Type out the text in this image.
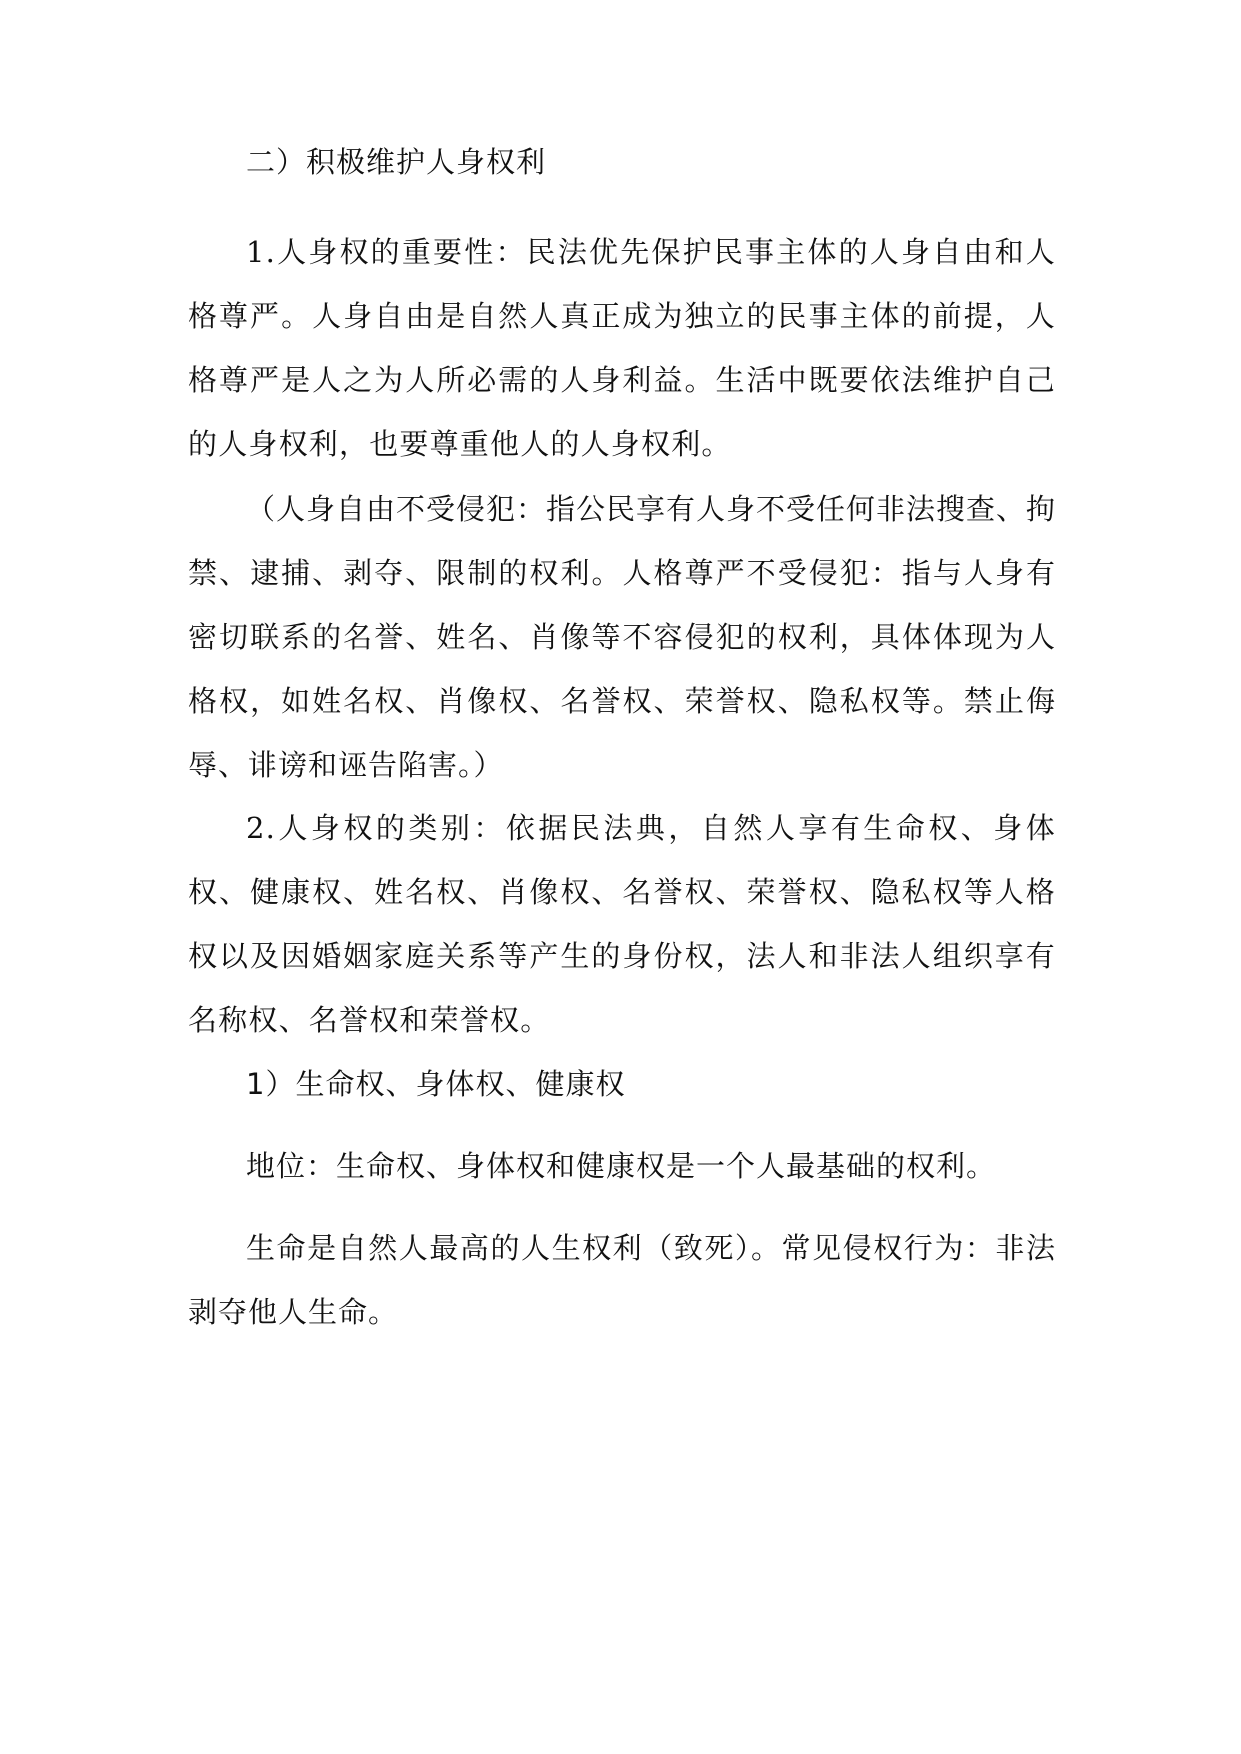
二）积极维护人身权利

1.人身权的重要性：民法优先保护民事主体的人身自由和人格尊严。人身自由是自然人真正成为独立的民事主体的前提，人格尊严是人之为人所必需的人身利益。生活中既要依法维护自己的人身权利，也要尊重他人的人身权利。

（人身自由不受侵犯：指公民享有人身不受任何非法搜查、拘禁、逮捕、剥夺、限制的权利。人格尊严不受侵犯：指与人身有密切联系的名誉、姓名、肖像等不容侵犯的权利，具体体现为人格权，如姓名权、肖像权、名誉权、荣誉权、隐私权等。禁止侮辱、诽谤和诬告陷害。）

2.人身权的类别：依据民法典，自然人享有生命权、身体权、健康权、姓名权、肖像权、名誉权、荣誉权、隐私权等人格权以及因婚姻家庭关系等产生的身份权，法人和非法人组织享有名称权、名誉权和荣誉权。

1）生命权、身体权、健康权

地位：生命权、身体权和健康权是一个人最基础的权利。

生命是自然人最高的人生权利（致死）。常见侵权行为：非法剥夺他人生命。
